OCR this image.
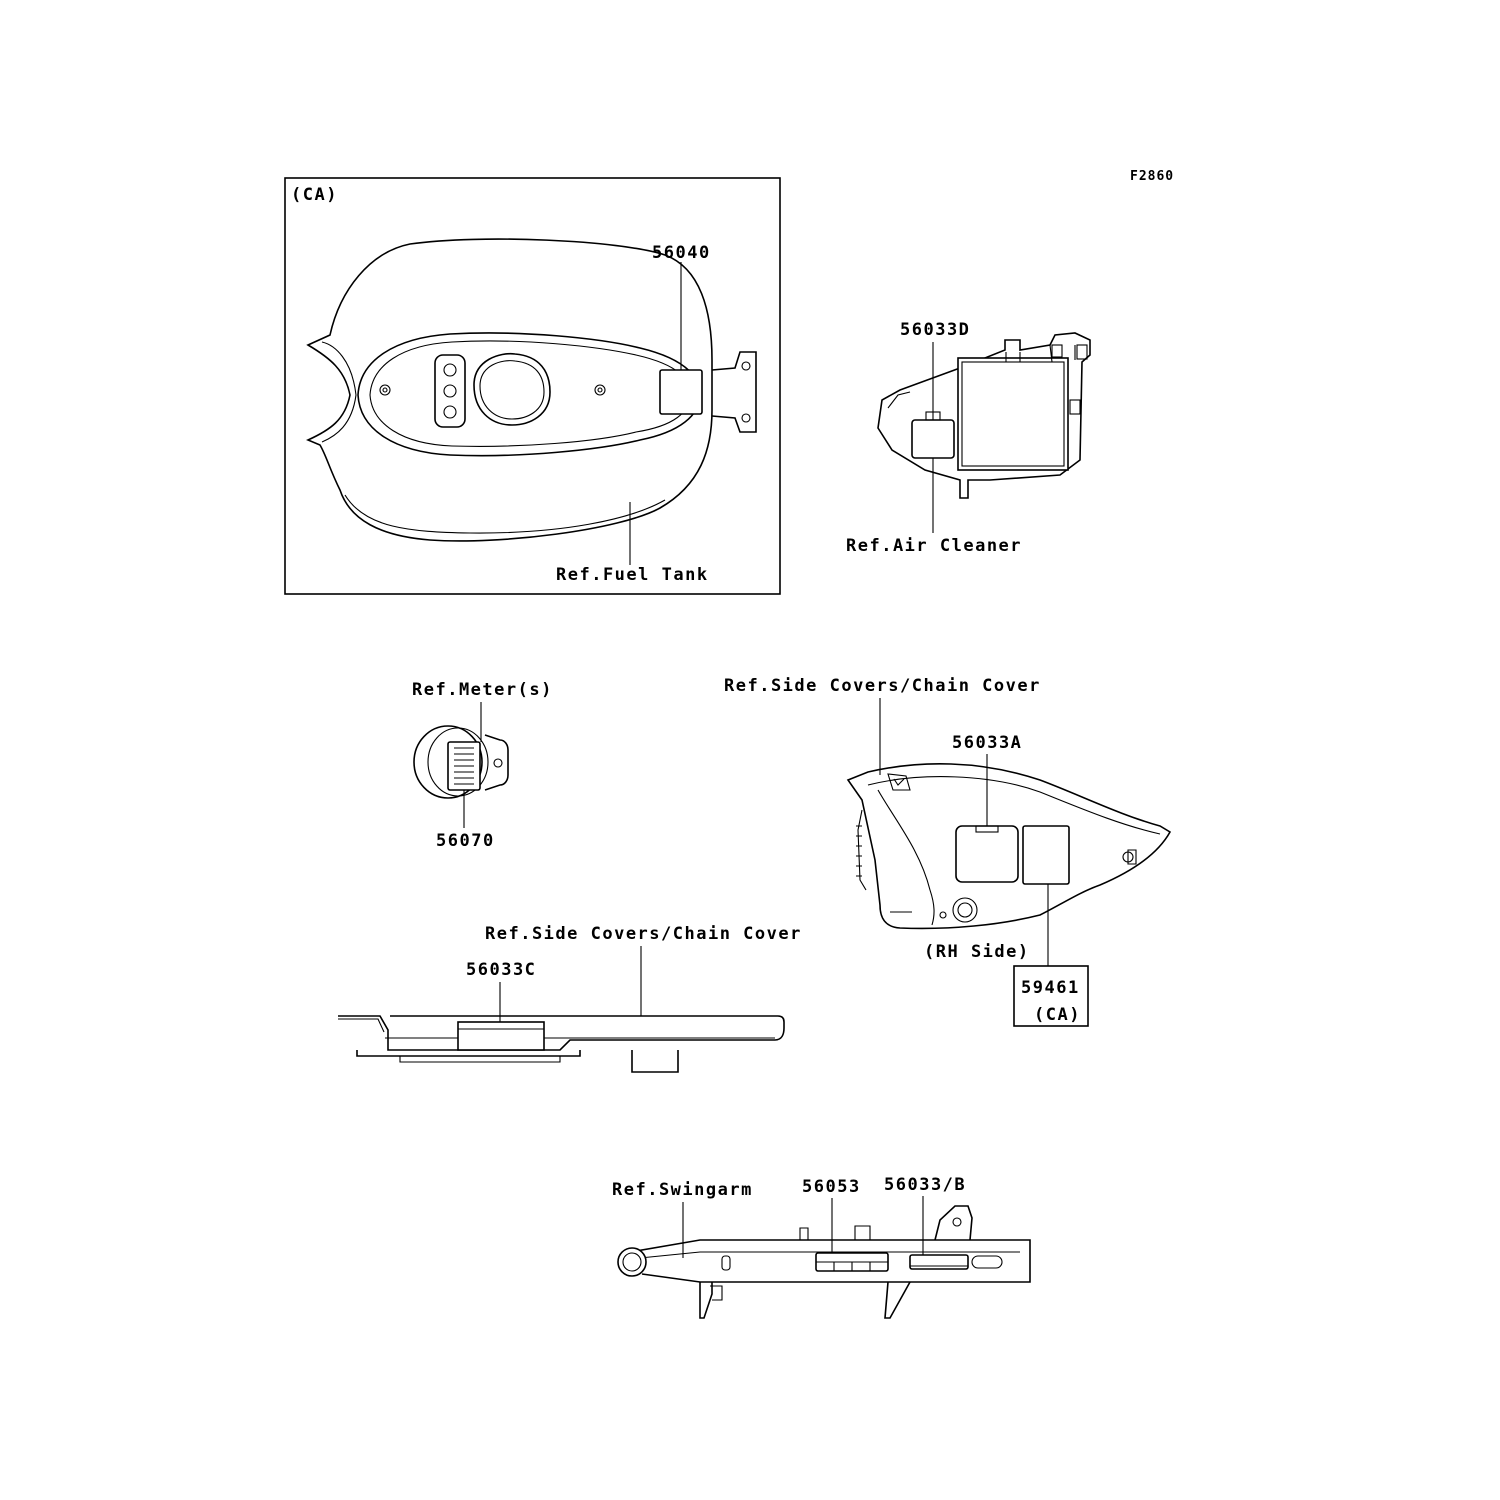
F2860
(CA)
56040
Ref.Fuel Tank
56033D
Ref.Air Cleaner
Ref.Meter(s)
56070
Ref.Side Covers/Chain Cover
56033A
(RH Side)
59461
(CA)
Ref.Side Covers/Chain Cover
56033C
Ref.Swingarm	56053 56033/B
